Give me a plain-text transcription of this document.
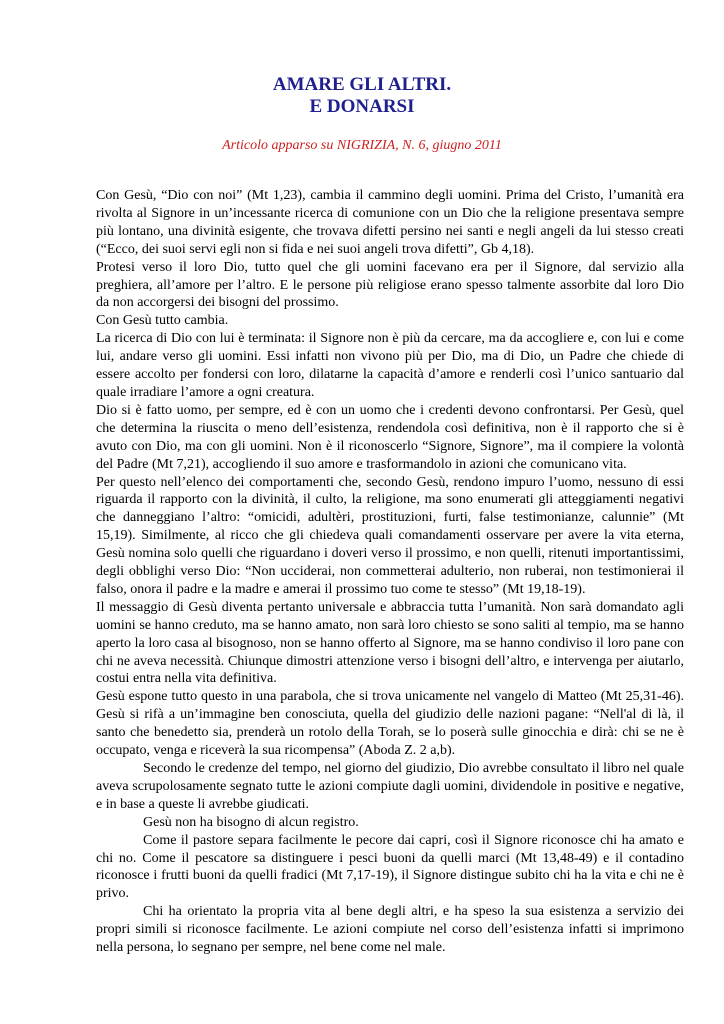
AMARE GLI ALTRI.
E DONARSI
Articolo apparso su NIGRIZIA, N. 6, giugno 2011

Con Gesù, “Dio con noi” (Mt 1,23), cambia il cammino degli uomini. Prima del Cristo, l’umanità era rivolta al Signore in un’incessante ricerca di comunione con un Dio che la religione presentava sempre più lontano, una divinità esigente, che trovava difetti persino nei santi e negli angeli da lui stesso creati (“Ecco, dei suoi servi egli non si fida e nei suoi angeli trova difetti”, Gb 4,18).

Protesi verso il loro Dio, tutto quel che gli uomini facevano era per il Signore, dal servizio alla preghiera, all’amore per l’altro. E le persone più religiose erano spesso talmente assorbite dal loro Dio da non accorgersi dei bisogni del prossimo.

Con Gesù tutto cambia.

La ricerca di Dio con lui è terminata: il Signore non è più da cercare, ma da accogliere e, con lui e come lui, andare verso gli uomini. Essi infatti non vivono più per Dio, ma di Dio, un Padre che chiede di essere accolto per fondersi con loro, dilatarne la capacità d’amore e renderli così l’unico santuario dal quale irradiare l’amore a ogni creatura.

Dio si è fatto uomo, per sempre, ed è con un uomo che i credenti devono confrontarsi. Per Gesù, quel che determina la riuscita o meno dell’esistenza, rendendola così definitiva, non è il rapporto che si è avuto con Dio, ma con gli uomini. Non è il riconoscerlo “Signore, Signore”, ma il compiere la volontà del Padre (Mt 7,21), accogliendo il suo amore e trasformandolo in azioni che comunicano vita.

Per questo nell’elenco dei comportamenti che, secondo Gesù, rendono impuro l’uomo, nessuno di essi riguarda il rapporto con la divinità, il culto, la religione, ma sono enumerati gli atteggiamenti negativi che danneggiano l’altro: “omicidi, adultèri, prostituzioni, furti, false testimonianze, calunnie” (Mt 15,19). Similmente, al ricco che gli chiedeva quali comandamenti osservare per avere la vita eterna, Gesù nomina solo quelli che riguardano i doveri verso il prossimo, e non quelli, ritenuti importantissimi, degli obblighi verso Dio: “Non ucciderai, non commetterai adulterio, non ruberai, non testimonierai il falso, onora il padre e la madre e amerai il prossimo tuo come te stesso” (Mt 19,18-19).

Il messaggio di Gesù diventa pertanto universale e abbraccia tutta l’umanità. Non sarà domandato agli uomini se hanno creduto, ma se hanno amato, non sarà loro chiesto se sono saliti al tempio, ma se hanno aperto la loro casa al bisognoso, non se hanno offerto al Signore, ma se hanno condiviso il loro pane con chi ne aveva necessità. Chiunque dimostri attenzione verso i bisogni dell’altro, e intervenga per aiutarlo, costui entra nella vita definitiva.

Gesù espone tutto questo in una parabola, che si trova unicamente nel vangelo di Matteo (Mt 25,31-46). Gesù si rifà a un’immagine ben conosciuta, quella del giudizio delle nazioni pagane: “Nell'al di là, il santo che benedetto sia, prenderà un rotolo della Torah, se lo poserà sulle ginocchia e dirà: chi se ne è occupato, venga e riceverà la sua ricompensa” (Aboda Z. 2 a,b).

Secondo le credenze del tempo, nel giorno del giudizio, Dio avrebbe consultato il libro nel quale aveva scrupolosamente segnato tutte le azioni compiute dagli uomini, dividendole in positive e negative, e in base a queste li avrebbe giudicati.

Gesù non ha bisogno di alcun registro.

Come il pastore separa facilmente le pecore dai capri, così il Signore riconosce chi ha amato e chi no. Come il pescatore sa distinguere i pesci buoni da quelli marci (Mt 13,48-49) e il contadino riconosce i frutti buoni da quelli fradici (Mt 7,17-19), il Signore distingue subito chi ha la vita e chi ne è privo.

Chi ha orientato la propria vita al bene degli altri, e ha speso la sua esistenza a servizio dei propri simili si riconosce facilmente. Le azioni compiute nel corso dell’esistenza infatti si imprimono nella persona, lo segnano per sempre, nel bene come nel male.
